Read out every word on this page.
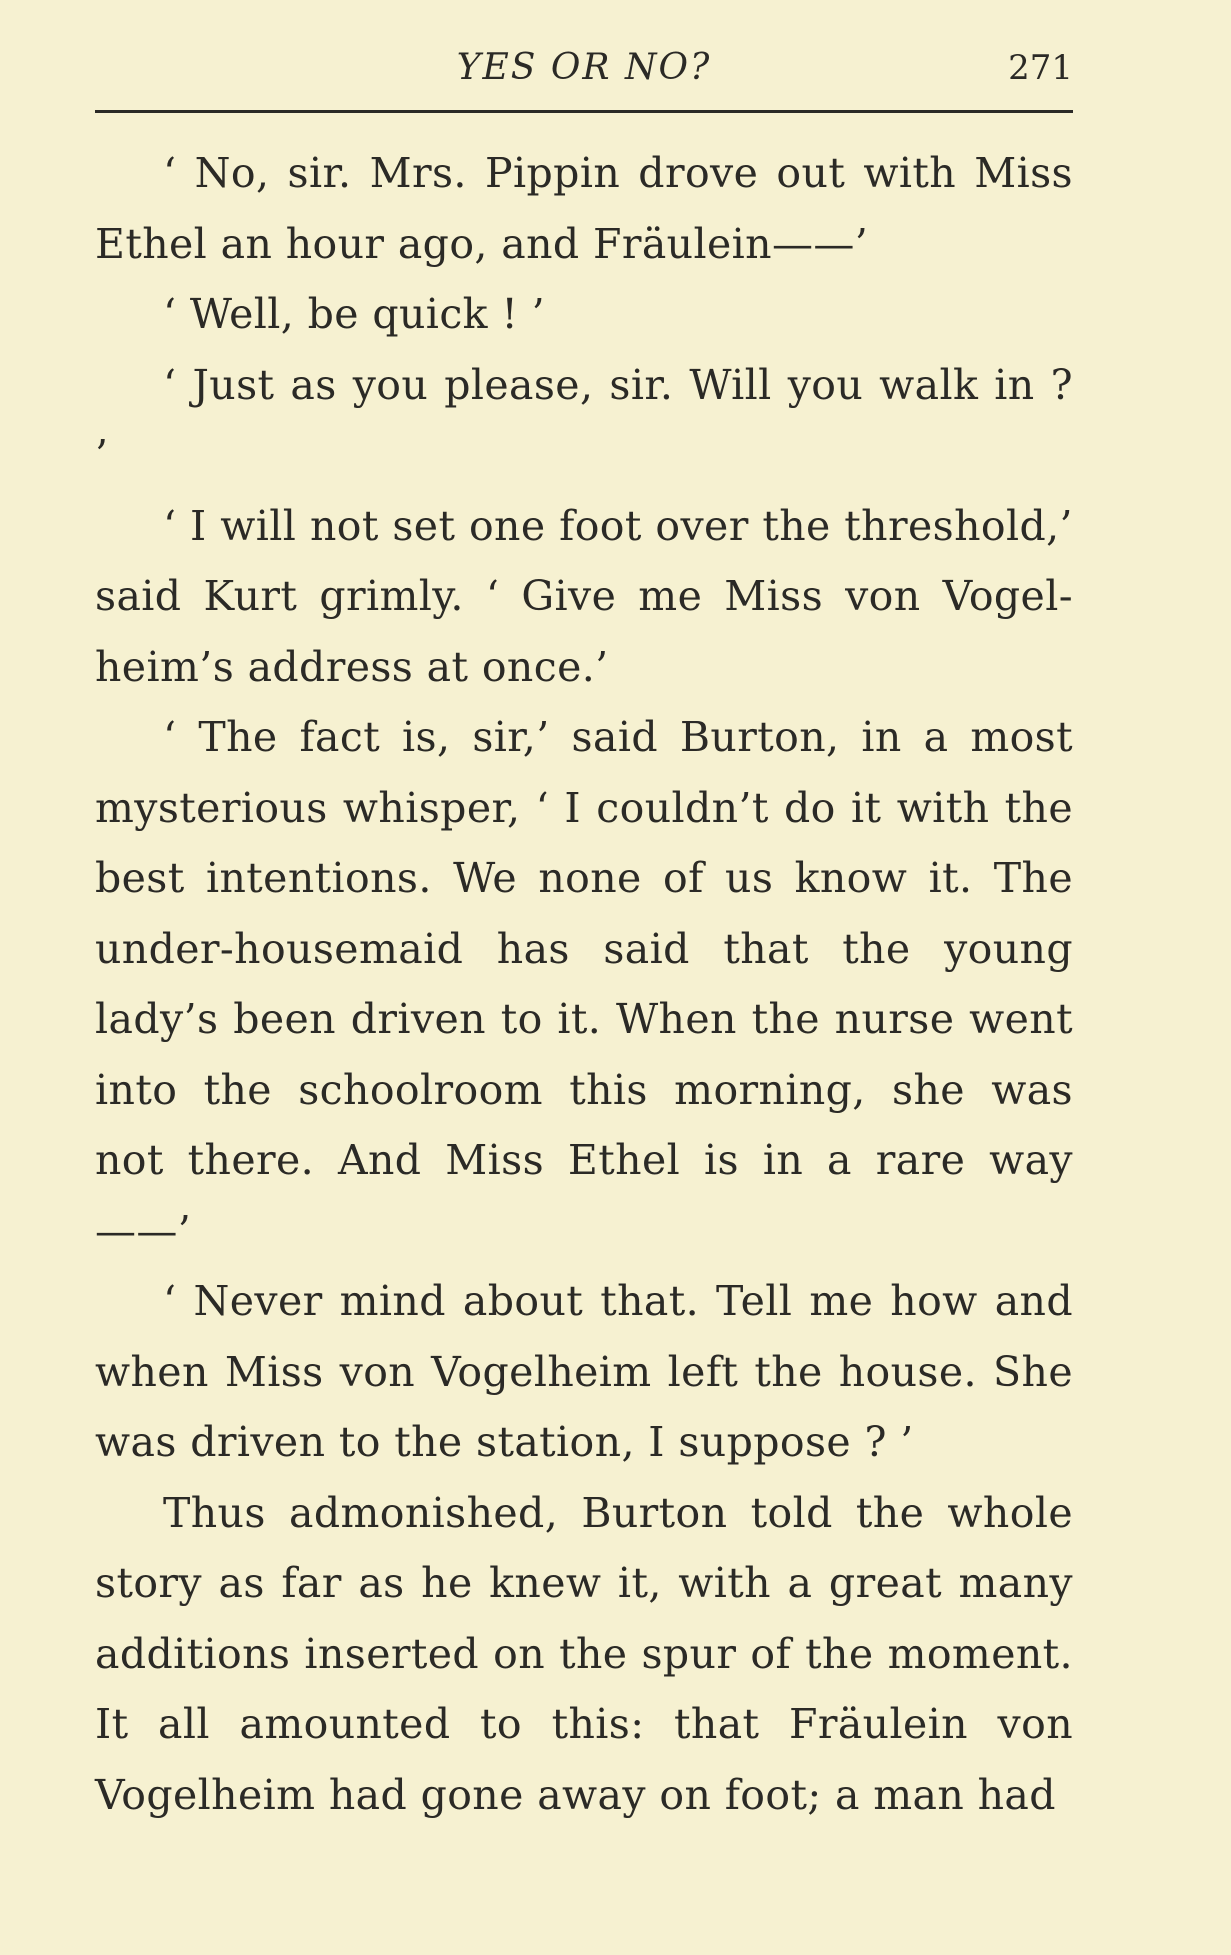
YES OR NO?	271

‘ No, sir. Mrs. Pippin drove out with Miss Ethel an hour ago, and Fräulein——’

‘ Well, be quick ! ’

‘ Just as you please, sir. Will you walk in ? ’

‘ I will not set one foot over the threshold,’ said Kurt grimly. ‘ Give me Miss von Vogel-heim’s address at once.’

‘ The fact is, sir,’ said Burton, in a most mysterious whisper, ‘ I couldn’t do it with the best intentions. We none of us know it. The under-housemaid has said that the young lady’s been driven to it. When the nurse went into the schoolroom this morning, she was not there. And Miss Ethel is in a rare way——’

‘ Never mind about that. Tell me how and when Miss von Vogelheim left the house. She was driven to the station, I suppose ? ’

Thus admonished, Burton told the whole story as far as he knew it, with a great many additions inserted on the spur of the moment. It all amounted to this: that Fräulein von Vogelheim had gone away on foot; a man had
